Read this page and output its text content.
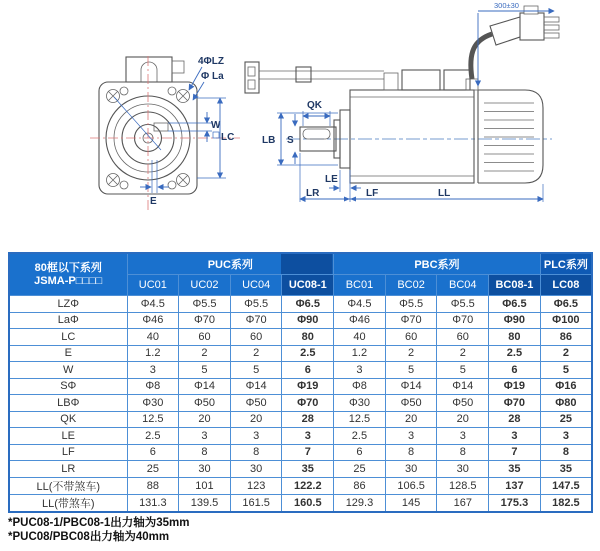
4ΦLZ
Φ La
W
LC
E
300±30
QK
LB S
LE
LR	LF	LL
80框以下系列
JSMA-P□□□□	PUC系列				PBC系列				PLC系列
	UC01	UC02	UC04	UC08-1	BC01	BC02	BC04	BC08-1	LC08
LZΦ	Φ4.5	Φ5.5	Φ5.5	Φ6.5	Φ4.5	Φ5.5	Φ5.5	Φ6.5	Φ6.5
LaΦ	Φ46	Φ70	Φ70	Φ90	Φ46	Φ70	Φ70	Φ90	Φ100
LC	40	60	60	80	40	60	60	80	86
E	1.2	2	2	2.5	1.2	2	2	2.5	2
W	3	5	5	6	3	5	5	6	5
SΦ	Φ8	Φ14	Φ14	Φ19	Φ8	Φ14	Φ14	Φ19	Φ16
LBΦ	Φ30	Φ50	Φ50	Φ70	Φ30	Φ50	Φ50	Φ70	Φ80
QK	12.5	20	20	28	12.5	20	20	28	25
LE	2.5	3	3	3	2.5	3	3	3	3
LF	6	8	8	7	6	8	8	7	8
LR	25	30	30	35	25	30	30	35	35
LL(不带煞车)	88	101	123	122.2	86	106.5	128.5	137	147.5
LL(带煞车)	131.3	139.5	161.5	160.5	129.3	145	167	175.3	182.5
*PUC08-1/PBC08-1出力轴为35mm
*PUC08/PBC08出力轴为40mm
